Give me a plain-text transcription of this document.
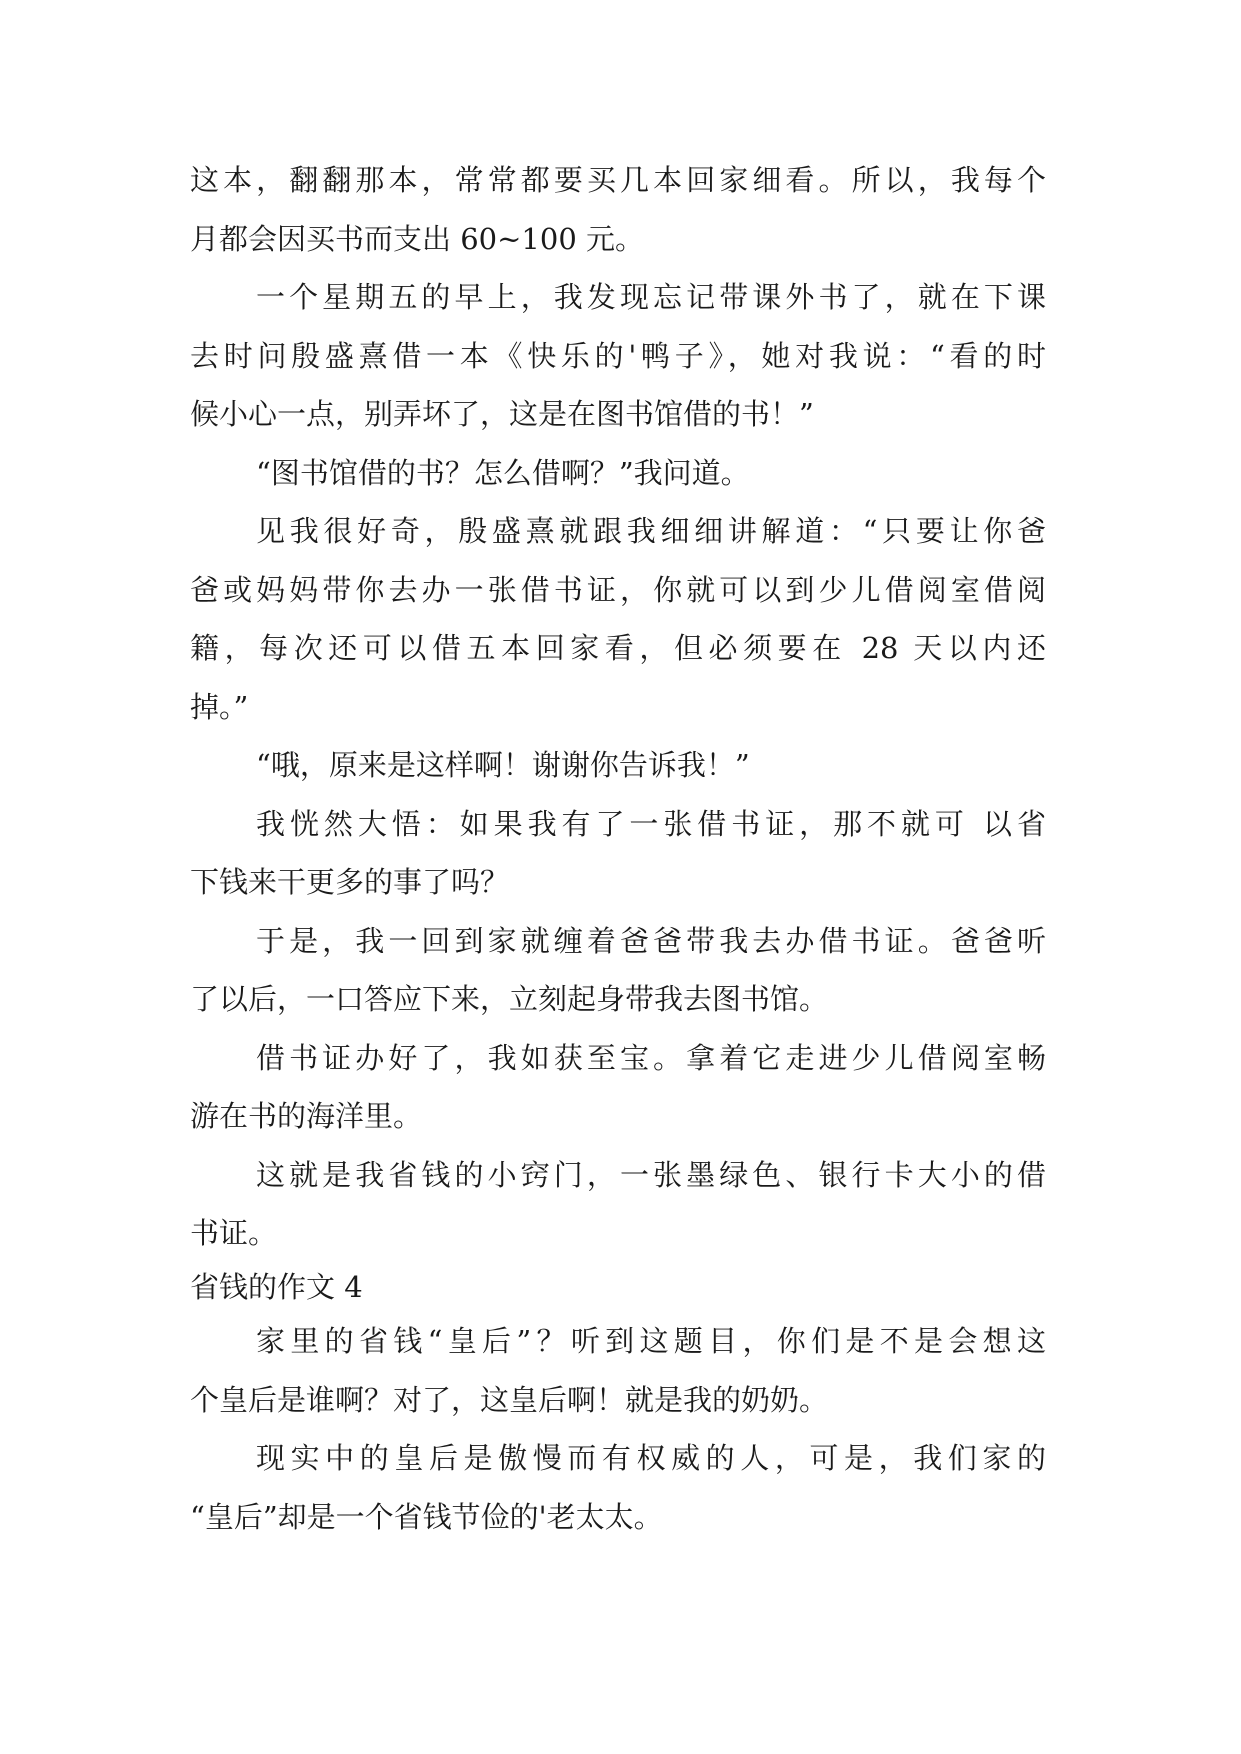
这本，翻翻那本，常常都要买几本回家细看。所以，我每个
月都会因买书而支出 60~100 元。
一个星期五的早上，我发现忘记带课外书了，就在下课
去时问殷盛熹借一本《快乐的'鸭子》，她对我说：“看的时
候小心一点，别弄坏了，这是在图书馆借的书！”
“图书馆借的书？怎么借啊？”我问道。
见我很好奇，殷盛熹就跟我细细讲解道：“只要让你爸
爸或妈妈带你去办一张借书证，你就可以到少儿借阅室借阅
籍，每次还可以借五本回家看，但必须要在 28 天以内还
掉。”
“哦，原来是这样啊！谢谢你告诉我！”
我恍然大悟：如果我有了一张借书证，那不就可 以省
下钱来干更多的事了吗？
于是，我一回到家就缠着爸爸带我去办借书证。爸爸听
了以后，一口答应下来，立刻起身带我去图书馆。
借书证办好了，我如获至宝。拿着它走进少儿借阅室畅
游在书的海洋里。
这就是我省钱的小窍门，一张墨绿色、银行卡大小的借
书证。
省钱的作文 4
家里的省钱“皇后”？听到这题目，你们是不是会想这
个皇后是谁啊？对了，这皇后啊！就是我的奶奶。
现实中的皇后是傲慢而有权威的人，可是，我们家的
“皇后”却是一个省钱节俭的'老太太。
